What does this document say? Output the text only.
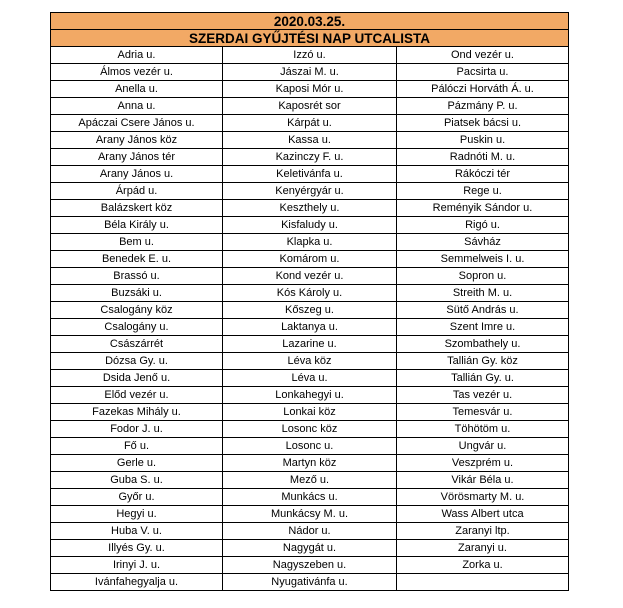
2020.03.25.		
SZERDAI GYŰJTÉSI NAP UTCALISTA		
Adria u.	Izzó u.	Ond vezér u.
Álmos vezér u.	Jászai M. u.	Pacsirta u.
Anella u.	Kaposi Mór u.	Pálóczi Horváth Á. u.
Anna u.	Kaposrét sor	Pázmány P. u.
Apáczai Csere János u.	Kárpát u.	Piatsek bácsi u.
Arany János köz	Kassa u.	Puskin u.
Arany János tér	Kazinczy F. u.	Radnóti M. u.
Arany János u.	Keletivánfa u.	Rákóczi tér
Árpád u.	Kenyérgyár u.	Rege u.
Balázskert köz	Keszthely u.	Reményik Sándor u.
Béla Király u.	Kisfaludy u.	Rigó u.
Bem u.	Klapka u.	Sávház
Benedek E. u.	Komárom u.	Semmelweis I. u.
Brassó u.	Kond vezér u.	Sopron u.
Buzsáki u.	Kós Károly u.	Streith M. u.
Csalogány köz	Kőszeg u.	Sütő András u.
Csalogány u.	Laktanya u.	Szent Imre u.
Császárrét	Lazarine u.	Szombathely u.
Dózsa Gy. u.	Léva köz	Tallián Gy. köz
Dsida Jenő u.	Léva u.	Tallián Gy. u.
Előd vezér u.	Lonkahegyi u.	Tas vezér u.
Fazekas Mihály u.	Lonkai köz	Temesvár u.
Fodor J. u.	Losonc köz	Töhötöm u.
Fő u.	Losonc u.	Ungvár u.
Gerle u.	Martyn köz	Veszprém u.
Guba S. u.	Mező u.	Vikár Béla u.
Győr u.	Munkács u.	Vörösmarty M. u.
Hegyi u.	Munkácsy M. u.	Wass Albert utca
Huba V. u.	Nádor u.	Zaranyi ltp.
Illyés Gy. u.	Nagygát u.	Zaranyi u.
Irinyi J. u.	Nagyszeben u.	Zorka u.
Ivánfahegyalja u.	Nyugativánfa u.	
